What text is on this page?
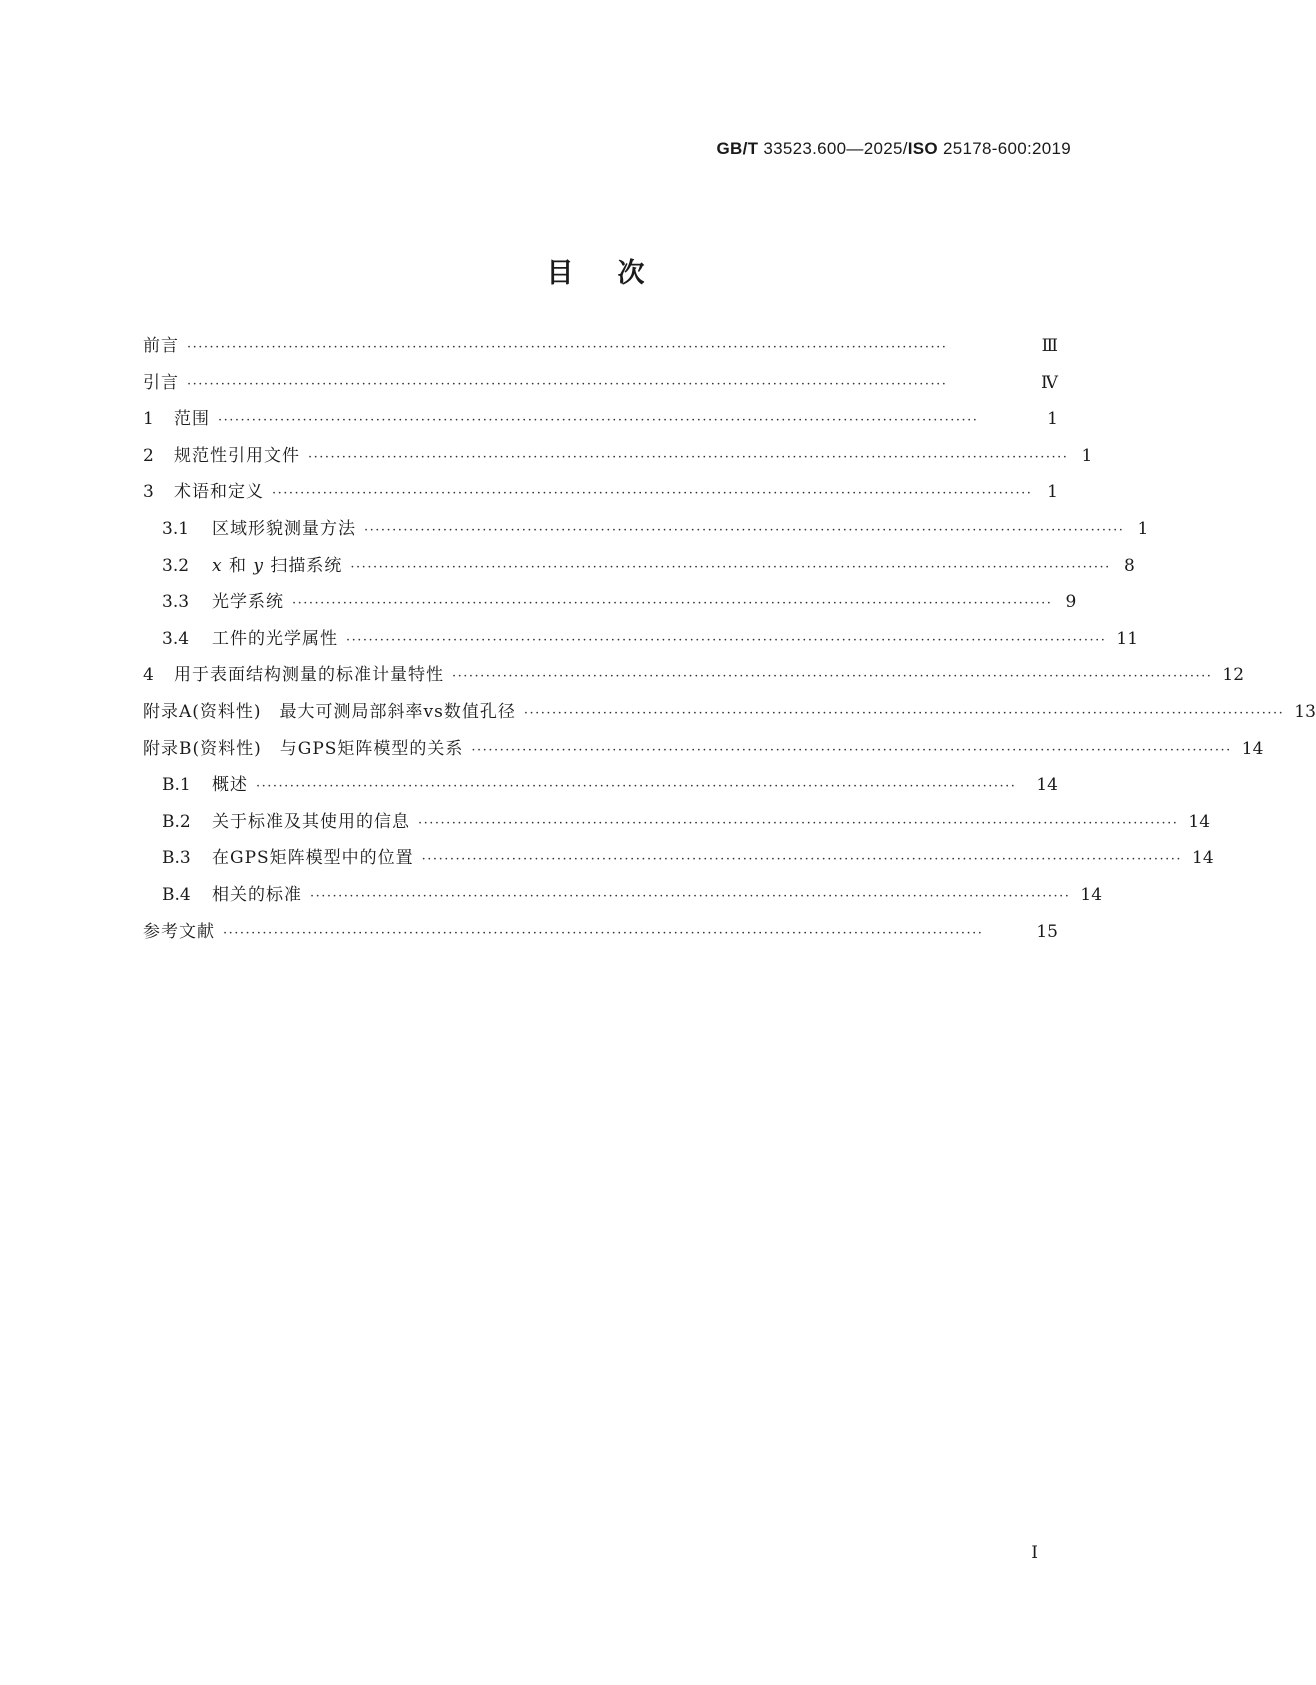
GB/T 33523.600—2025/ISO 25178-600:2019
目次
前言 ·······································································································································	Ⅲ
引言 ·······································································································································	Ⅳ
1	范围 ·······································································································································	1
2	规范性引用文件 ······································································································································· 1
3	术语和定义 ······································································································································· 1
3.1	区域形貌测量方法 ······································································································································· 1
3.2	x 和 y 扫描系统 ······································································································································· 8
3.3	光学系统 ······································································································································· 9
3.4	工件的光学属性 ······································································································································· 11
4	用于表面结构测量的标准计量特性 ······································································································································· 12
附录A(资料性)　最大可测局部斜率vs数值孔径 ······································································································································· 13
附录B(资料性)　与GPS矩阵模型的关系 ······································································································································· 14
B.1	概述 ·······································································································································	14
B.2	关于标准及其使用的信息 ······································································································································· 14
B.3	在GPS矩阵模型中的位置 ······································································································································· 14
B.4	相关的标准 ······································································································································· 14
参考文献 ·······································································································································	15
Ⅰ
